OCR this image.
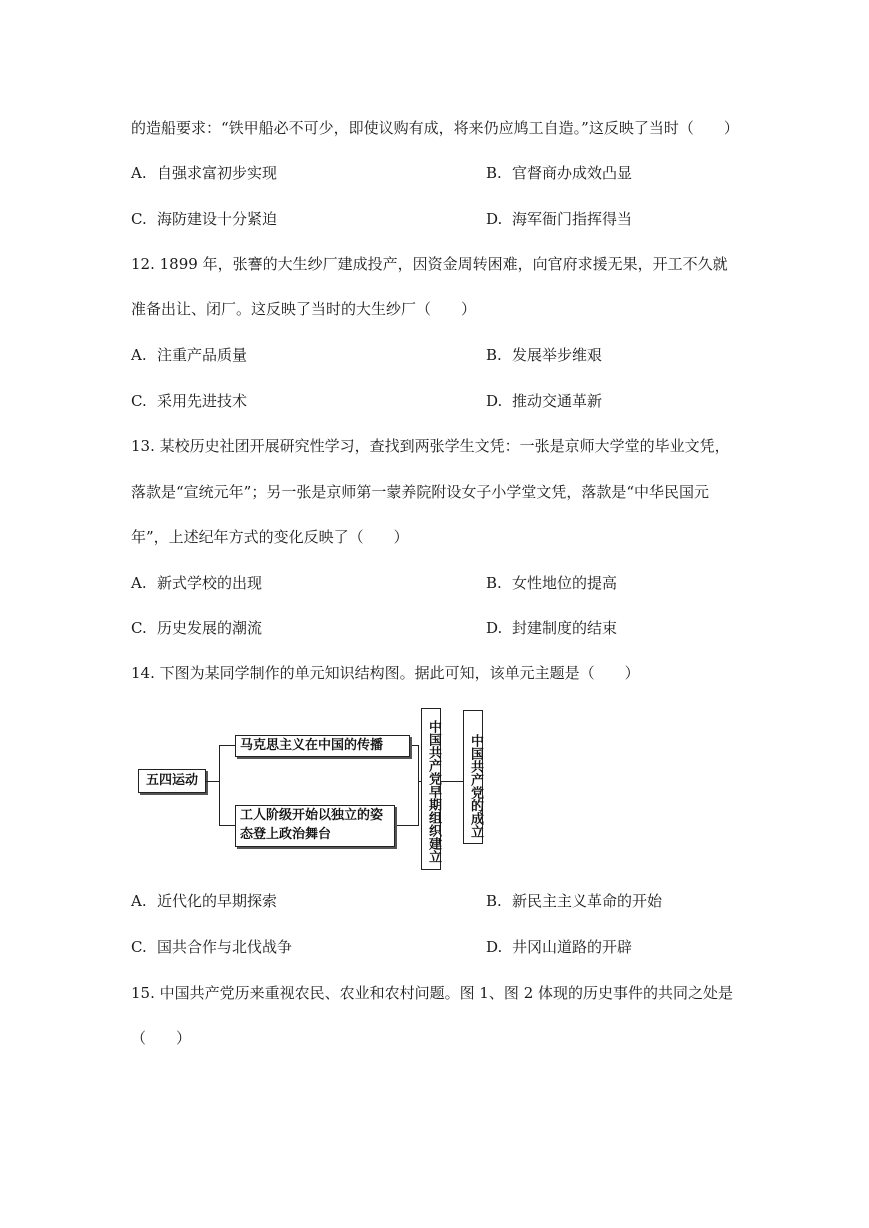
的造船要求：“铁甲船必不可少，即使议购有成，将来仍应鸠工自造。”这反映了当时（　　）
A. 自强求富初步实现	B. 官督商办成效凸显
C. 海防建设十分紧迫	D. 海军衙门指挥得当
12. 1899 年，张謇的大生纱厂建成投产，因资金周转困难，向官府求援无果，开工不久就
准备出让、闭厂。这反映了当时的大生纱厂（　　）
A. 注重产品质量	B. 发展举步维艰
C. 采用先进技术	D. 推动交通革新
13. 某校历史社团开展研究性学习，查找到两张学生文凭：一张是京师大学堂的毕业文凭，
落款是“宣统元年”；另一张是京师第一蒙养院附设女子小学堂文凭，落款是“中华民国元
年”，上述纪年方式的变化反映了（　　）
A. 新式学校的出现	B. 女性地位的提高
C. 历史发展的潮流	D. 封建制度的结束
14. 下图为某同学制作的单元知识结构图。据此可知，该单元主题是（　　）
五四运动
马克思主义在中国的传播
工人阶级开始以独立的姿态登上政治舞台	中国共产党早期组织建立	中国共产党的成立
A. 近代化的早期探索	B. 新民主主义革命的开始
C. 国共合作与北伐战争	D. 井冈山道路的开辟
15. 中国共产党历来重视农民、农业和农村问题。图 1、图 2 体现的历史事件的共同之处是
（　　）
